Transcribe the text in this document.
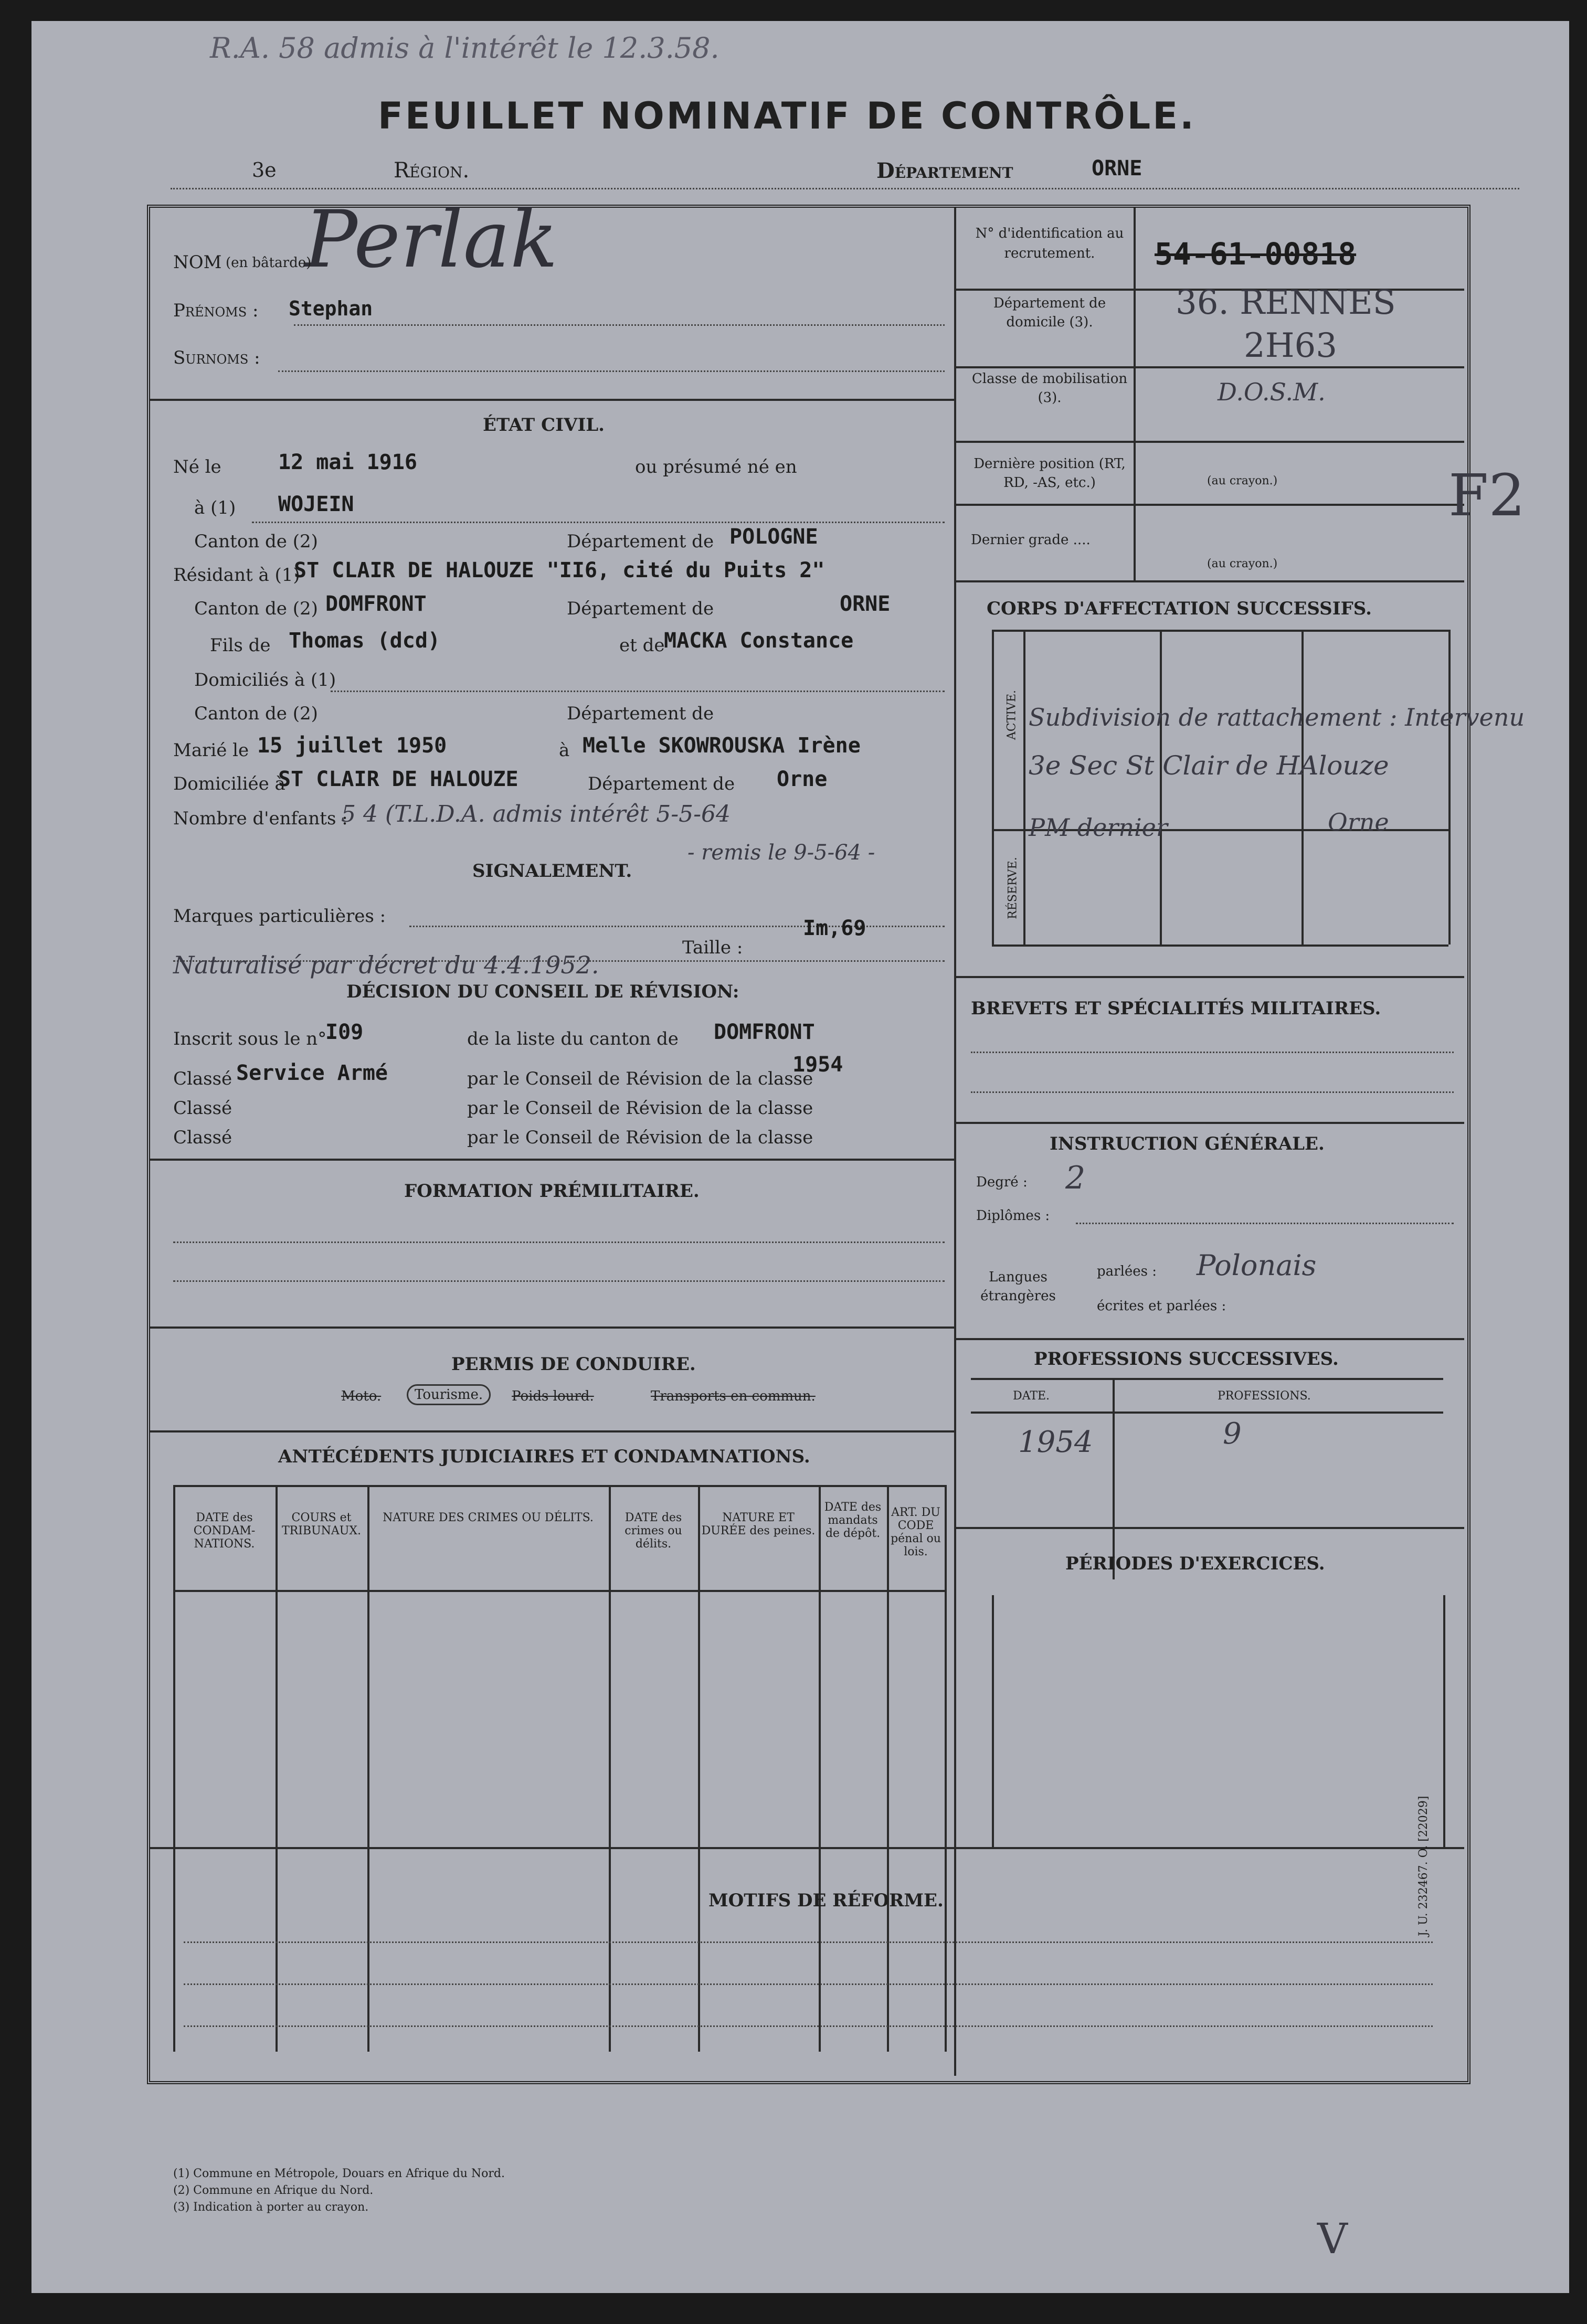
R.A. 58 admis à l'intérêt le 12.3.58.
FEUILLET NOMINATIF DE CONTRÔLE.
3e	Région.	Département	ORNE
Perlak
NOM (en bâtarde)
Prénoms : Stephan
Surnoms :
ÉTAT CIVIL.
Né le	12 mai 1916	ou présumé né en
à (1) WOJEIN
Canton de (2)	Département de POLOGNE
Résidant à (1)
ST CLAIR DE HALOUZE "II6, cité du Puits 2"
Canton de (2) DOMFRONT	Département de	ORNE
Fils de Thomas (dcd)	et de
MACKA Constance
Domiciliés à (1)
Canton de (2)	Département de
Marié le 15 juillet 1950	à Melle SKOWROUSKA Irène
Domiciliée à
ST CLAIR DE HALOUZE	Département de Orne
Nombre d'enfants :
5 4 (T.L.D.A. admis intérêt 5-5-64
- remis le 9-5-64 -
SIGNALEMENT.
Marques particulières :
Taille :
Im,69
Naturalisé par décret du 4.4.1952.
DÉCISION DU CONSEIL DE RÉVISION:
Inscrit sous le n°
I09	de la liste du canton de DOMFRONT
Classé Service Armé	par le Conseil de Révision de la classe
1954
Classé	par le Conseil de Révision de la classe
Classé	par le Conseil de Révision de la classe
FORMATION PRÉMILITAIRE.
PERMIS DE CONDUIRE.
Moto.	Tourisme.	Poids lourd.	Transports en commun.
ANTÉCÉDENTS JUDICIAIRES ET CONDAMNATIONS.
DATE des CONDAM-NATIONS.
COURS et TRIBUNAUX.
NATURE DES CRIMES OU DÉLITS.	DATE des crimes ou délits.
NATURE ET DURÉE des peines.
DATE des mandats de dépôt.
ART. DU CODE pénal ou lois.
MOTIFS DE RÉFORME.
(1) Commune en Métropole, Douars en Afrique du Nord.
(2) Commune en Afrique du Nord.
(3) Indication à porter au crayon.
N° d'identification au recrutement.	54-61-00818
Département de domicile (3).	36. RENNES
2H63
Classe de mobilisation (3).	D.O.S.M.
Dernière position (RT, RD, -AS, etc.)	(au crayon.)
Dernier grade ....
(au crayon.)
CORPS D'AFFECTATION SUCCESSIFS.
ACTIVE.
RÉSERVE.
Subdivision de rattachement : Intervenu
3e Sec St Clair de HAlouze
PM dernier	Orne
BREVETS ET SPÉCIALITÉS MILITAIRES.
INSTRUCTION GÉNÉRALE.
Degré : 2
Diplômes :
Langues étrangères
parlées : Polonais
écrites et parlées :
PROFESSIONS SUCCESSIVES.
DATE.	PROFESSIONS.
1954	9
PÉRIODES D'EXERCICES.
J. U. 232467. O. [22029]
F2
V
